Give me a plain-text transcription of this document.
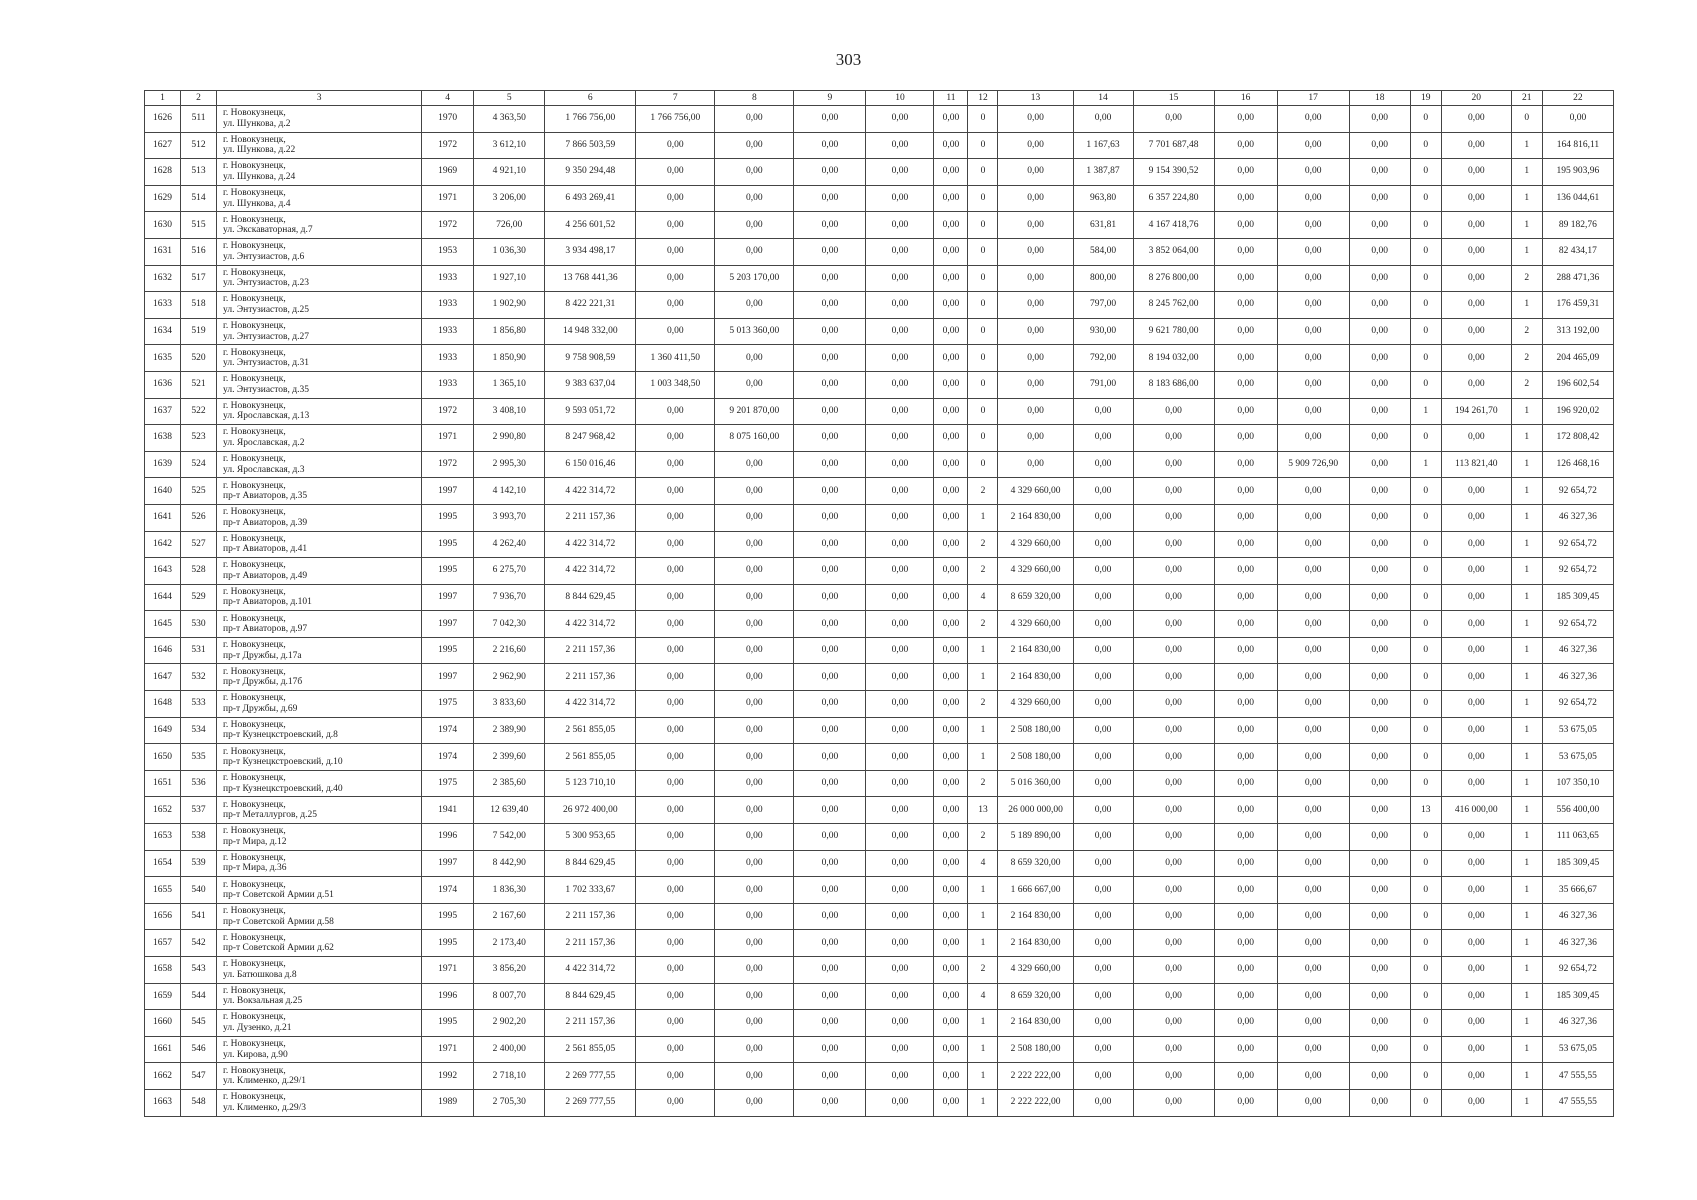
303
1	2	3	4	5	6	7	8	9	10	11	12	13	14	15	16	17	18	19	20	21	22
1626	511	г. Новокузнецк,
ул. Шункова, д.2	1970	4 363,50	1 766 756,00	1 766 756,00	0,00	0,00	0,00	0,00	0	0,00	0,00	0,00	0,00	0,00	0,00	0	0,00	0	0,00
1627	512	г. Новокузнецк,
ул. Шункова, д.22	1972	3 612,10	7 866 503,59	0,00	0,00	0,00	0,00	0,00	0	0,00	1 167,63	7 701 687,48	0,00	0,00	0,00	0	0,00	1	164 816,11
1628	513	г. Новокузнецк,
ул. Шункова, д.24	1969	4 921,10	9 350 294,48	0,00	0,00	0,00	0,00	0,00	0	0,00	1 387,87	9 154 390,52	0,00	0,00	0,00	0	0,00	1	195 903,96
1629	514	г. Новокузнецк,
ул. Шункова, д.4	1971	3 206,00	6 493 269,41	0,00	0,00	0,00	0,00	0,00	0	0,00	963,80	6 357 224,80	0,00	0,00	0,00	0	0,00	1	136 044,61
1630	515	г. Новокузнецк,
ул. Экскаваторная, д.7	1972	726,00	4 256 601,52	0,00	0,00	0,00	0,00	0,00	0	0,00	631,81	4 167 418,76	0,00	0,00	0,00	0	0,00	1	89 182,76
1631	516	г. Новокузнецк,
ул. Энтузиастов, д.6	1953	1 036,30	3 934 498,17	0,00	0,00	0,00	0,00	0,00	0	0,00	584,00	3 852 064,00	0,00	0,00	0,00	0	0,00	1	82 434,17
1632	517	г. Новокузнецк,
ул. Энтузиастов, д.23	1933	1 927,10	13 768 441,36	0,00	5 203 170,00	0,00	0,00	0,00	0	0,00	800,00	8 276 800,00	0,00	0,00	0,00	0	0,00	2	288 471,36
1633	518	г. Новокузнецк,
ул. Энтузиастов, д.25	1933	1 902,90	8 422 221,31	0,00	0,00	0,00	0,00	0,00	0	0,00	797,00	8 245 762,00	0,00	0,00	0,00	0	0,00	1	176 459,31
1634	519	г. Новокузнецк,
ул. Энтузиастов, д.27	1933	1 856,80	14 948 332,00	0,00	5 013 360,00	0,00	0,00	0,00	0	0,00	930,00	9 621 780,00	0,00	0,00	0,00	0	0,00	2	313 192,00
1635	520	г. Новокузнецк,
ул. Энтузиастов, д.31	1933	1 850,90	9 758 908,59	1 360 411,50	0,00	0,00	0,00	0,00	0	0,00	792,00	8 194 032,00	0,00	0,00	0,00	0	0,00	2	204 465,09
1636	521	г. Новокузнецк,
ул. Энтузиастов, д.35	1933	1 365,10	9 383 637,04	1 003 348,50	0,00	0,00	0,00	0,00	0	0,00	791,00	8 183 686,00	0,00	0,00	0,00	0	0,00	2	196 602,54
1637	522	г. Новокузнецк,
ул. Ярославская, д.13	1972	3 408,10	9 593 051,72	0,00	9 201 870,00	0,00	0,00	0,00	0	0,00	0,00	0,00	0,00	0,00	0,00	1	194 261,70	1	196 920,02
1638	523	г. Новокузнецк,
ул. Ярославская, д.2	1971	2 990,80	8 247 968,42	0,00	8 075 160,00	0,00	0,00	0,00	0	0,00	0,00	0,00	0,00	0,00	0,00	0	0,00	1	172 808,42
1639	524	г. Новокузнецк,
ул. Ярославская, д.3	1972	2 995,30	6 150 016,46	0,00	0,00	0,00	0,00	0,00	0	0,00	0,00	0,00	0,00	5 909 726,90	0,00	1	113 821,40	1	126 468,16
1640	525	г. Новокузнецк,
пр-т Авиаторов, д.35	1997	4 142,10	4 422 314,72	0,00	0,00	0,00	0,00	0,00	2	4 329 660,00	0,00	0,00	0,00	0,00	0,00	0	0,00	1	92 654,72
1641	526	г. Новокузнецк,
пр-т Авиаторов, д.39	1995	3 993,70	2 211 157,36	0,00	0,00	0,00	0,00	0,00	1	2 164 830,00	0,00	0,00	0,00	0,00	0,00	0	0,00	1	46 327,36
1642	527	г. Новокузнецк,
пр-т Авиаторов, д.41	1995	4 262,40	4 422 314,72	0,00	0,00	0,00	0,00	0,00	2	4 329 660,00	0,00	0,00	0,00	0,00	0,00	0	0,00	1	92 654,72
1643	528	г. Новокузнецк,
пр-т Авиаторов, д.49	1995	6 275,70	4 422 314,72	0,00	0,00	0,00	0,00	0,00	2	4 329 660,00	0,00	0,00	0,00	0,00	0,00	0	0,00	1	92 654,72
1644	529	г. Новокузнецк,
пр-т Авиаторов, д.101	1997	7 936,70	8 844 629,45	0,00	0,00	0,00	0,00	0,00	4	8 659 320,00	0,00	0,00	0,00	0,00	0,00	0	0,00	1	185 309,45
1645	530	г. Новокузнецк,
пр-т Авиаторов, д.97	1997	7 042,30	4 422 314,72	0,00	0,00	0,00	0,00	0,00	2	4 329 660,00	0,00	0,00	0,00	0,00	0,00	0	0,00	1	92 654,72
1646	531	г. Новокузнецк,
пр-т Дружбы, д.17а	1995	2 216,60	2 211 157,36	0,00	0,00	0,00	0,00	0,00	1	2 164 830,00	0,00	0,00	0,00	0,00	0,00	0	0,00	1	46 327,36
1647	532	г. Новокузнецк,
пр-т Дружбы, д.17б	1997	2 962,90	2 211 157,36	0,00	0,00	0,00	0,00	0,00	1	2 164 830,00	0,00	0,00	0,00	0,00	0,00	0	0,00	1	46 327,36
1648	533	г. Новокузнецк,
пр-т Дружбы, д.69	1975	3 833,60	4 422 314,72	0,00	0,00	0,00	0,00	0,00	2	4 329 660,00	0,00	0,00	0,00	0,00	0,00	0	0,00	1	92 654,72
1649	534	г. Новокузнецк,
пр-т Кузнецкстроевский, д.8	1974	2 389,90	2 561 855,05	0,00	0,00	0,00	0,00	0,00	1	2 508 180,00	0,00	0,00	0,00	0,00	0,00	0	0,00	1	53 675,05
1650	535	г. Новокузнецк,
пр-т Кузнецкстроевский, д.10	1974	2 399,60	2 561 855,05	0,00	0,00	0,00	0,00	0,00	1	2 508 180,00	0,00	0,00	0,00	0,00	0,00	0	0,00	1	53 675,05
1651	536	г. Новокузнецк,
пр-т Кузнецкстроевский, д.40	1975	2 385,60	5 123 710,10	0,00	0,00	0,00	0,00	0,00	2	5 016 360,00	0,00	0,00	0,00	0,00	0,00	0	0,00	1	107 350,10
1652	537	г. Новокузнецк,
пр-т Металлургов, д.25	1941	12 639,40	26 972 400,00	0,00	0,00	0,00	0,00	0,00	13	26 000 000,00	0,00	0,00	0,00	0,00	0,00	13	416 000,00	1	556 400,00
1653	538	г. Новокузнецк,
пр-т Мира, д.12	1996	7 542,00	5 300 953,65	0,00	0,00	0,00	0,00	0,00	2	5 189 890,00	0,00	0,00	0,00	0,00	0,00	0	0,00	1	111 063,65
1654	539	г. Новокузнецк,
пр-т Мира, д.36	1997	8 442,90	8 844 629,45	0,00	0,00	0,00	0,00	0,00	4	8 659 320,00	0,00	0,00	0,00	0,00	0,00	0	0,00	1	185 309,45
1655	540	г. Новокузнецк,
пр-т Советской Армии д.51	1974	1 836,30	1 702 333,67	0,00	0,00	0,00	0,00	0,00	1	1 666 667,00	0,00	0,00	0,00	0,00	0,00	0	0,00	1	35 666,67
1656	541	г. Новокузнецк,
пр-т Советской Армии д.58	1995	2 167,60	2 211 157,36	0,00	0,00	0,00	0,00	0,00	1	2 164 830,00	0,00	0,00	0,00	0,00	0,00	0	0,00	1	46 327,36
1657	542	г. Новокузнецк,
пр-т Советской Армии д.62	1995	2 173,40	2 211 157,36	0,00	0,00	0,00	0,00	0,00	1	2 164 830,00	0,00	0,00	0,00	0,00	0,00	0	0,00	1	46 327,36
1658	543	г. Новокузнецк,
ул. Батюшкова д.8	1971	3 856,20	4 422 314,72	0,00	0,00	0,00	0,00	0,00	2	4 329 660,00	0,00	0,00	0,00	0,00	0,00	0	0,00	1	92 654,72
1659	544	г. Новокузнецк,
ул. Вокзальная д.25	1996	8 007,70	8 844 629,45	0,00	0,00	0,00	0,00	0,00	4	8 659 320,00	0,00	0,00	0,00	0,00	0,00	0	0,00	1	185 309,45
1660	545	г. Новокузнецк,
ул. Дузенко, д.21	1995	2 902,20	2 211 157,36	0,00	0,00	0,00	0,00	0,00	1	2 164 830,00	0,00	0,00	0,00	0,00	0,00	0	0,00	1	46 327,36
1661	546	г. Новокузнецк,
ул. Кирова, д.90	1971	2 400,00	2 561 855,05	0,00	0,00	0,00	0,00	0,00	1	2 508 180,00	0,00	0,00	0,00	0,00	0,00	0	0,00	1	53 675,05
1662	547	г. Новокузнецк,
ул. Клименко, д.29/1	1992	2 718,10	2 269 777,55	0,00	0,00	0,00	0,00	0,00	1	2 222 222,00	0,00	0,00	0,00	0,00	0,00	0	0,00	1	47 555,55
1663	548	г. Новокузнецк,
ул. Клименко, д.29/3	1989	2 705,30	2 269 777,55	0,00	0,00	0,00	0,00	0,00	1	2 222 222,00	0,00	0,00	0,00	0,00	0,00	0	0,00	1	47 555,55
